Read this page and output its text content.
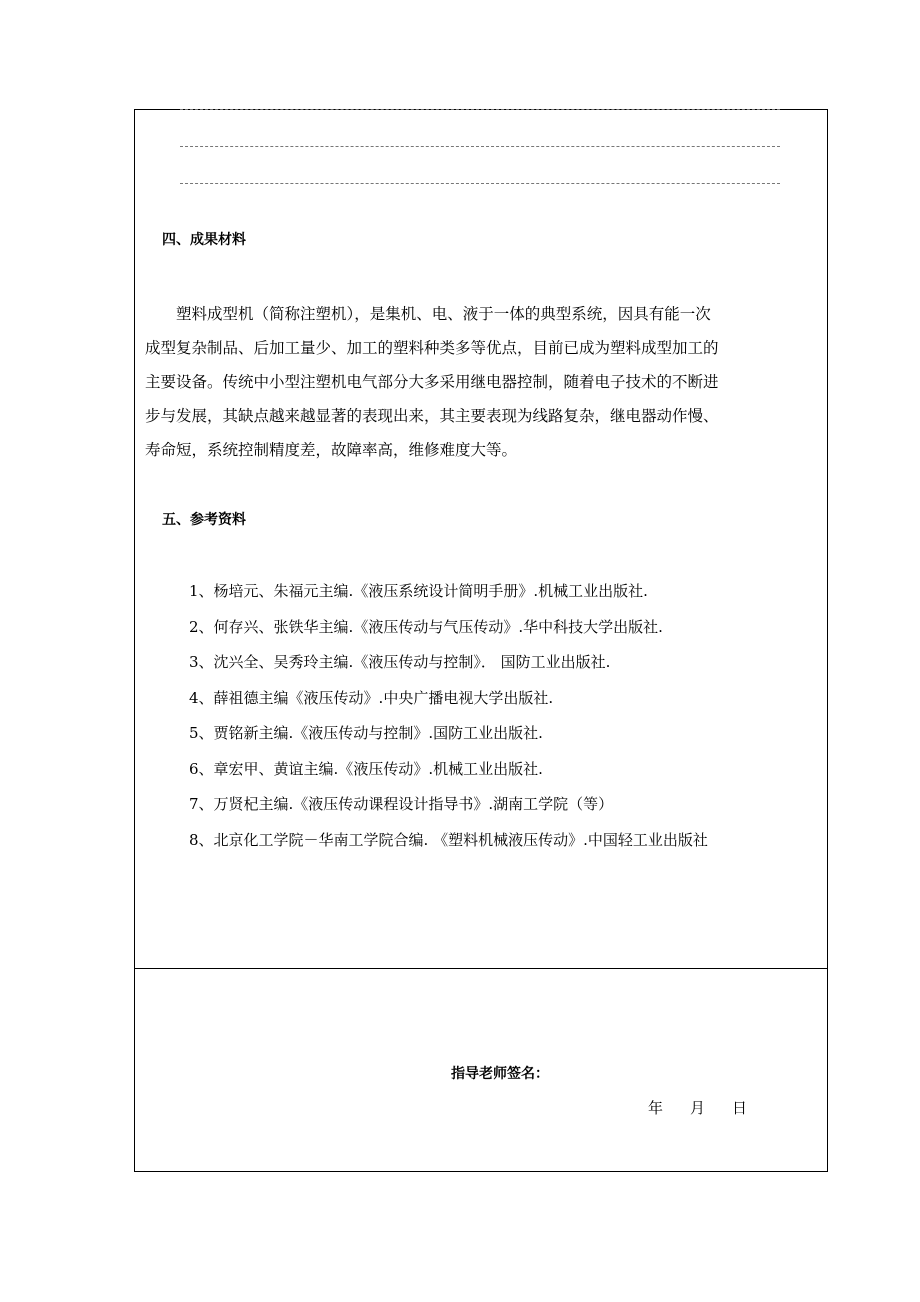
四、成果材料
　　塑料成型机（简称注塑机），是集机、电、液于一体的典型系统，因具有能一次
成型复杂制品、后加工量少、加工的塑料种类多等优点，目前已成为塑料成型加工的
主要设备。传统中小型注塑机电气部分大多采用继电器控制，随着电子技术的不断进
步与发展，其缺点越来越显著的表现出来，其主要表现为线路复杂，继电器动作慢、
寿命短，系统控制精度差，故障率高，维修难度大等。
五、参考资料
1、杨培元、朱福元主编.《液压系统设计简明手册》.机械工业出版社.
2、何存兴、张铁华主编.《液压传动与气压传动》.华中科技大学出版社.
3、沈兴全、吴秀玲主编.《液压传动与控制》． 国防工业出版社.
4、薛祖德主编《液压传动》.中央广播电视大学出版社.
5、贾铭新主编.《液压传动与控制》.国防工业出版社.
6、章宏甲、黄谊主编.《液压传动》.机械工业出版社.
7、万贤杞主编.《液压传动课程设计指导书》.湖南工学院（等）
8、北京化工学院－华南工学院合编. 《塑料机械液压传动》.中国轻工业出版社
指导老师签名：
年 月 日
